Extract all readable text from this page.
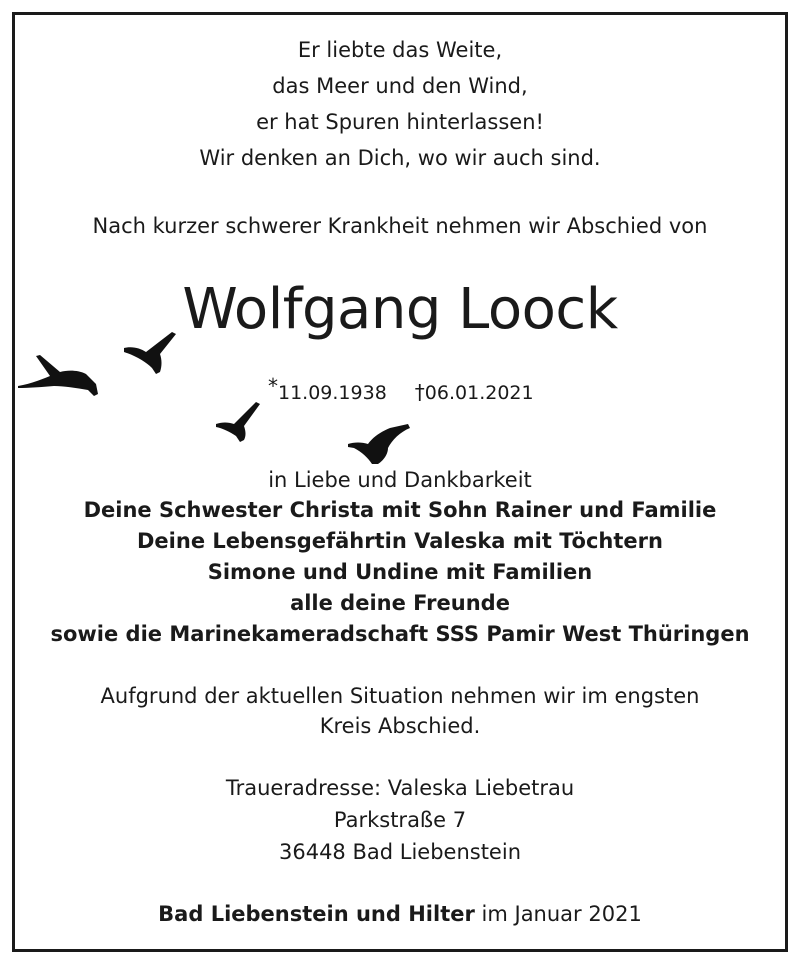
Er liebte das Weite,
das Meer und den Wind,
er hat Spuren hinterlassen!
Wir denken an Dich, wo wir auch sind.
Nach kurzer schwerer Krankheit nehmen wir Abschied von
Wolfgang Loock
*11.09.1938 †06.01.2021
in Liebe und Dankbarkeit
Deine Schwester Christa mit Sohn Rainer und Familie
Deine Lebensgefährtin Valeska mit Töchtern
Simone und Undine mit Familien
alle deine Freunde
sowie die Marinekameradschaft SSS Pamir West Thüringen
Aufgrund der aktuellen Situation nehmen wir im engsten
Kreis Abschied.
Traueradresse: Valeska Liebetrau
Parkstraße 7
36448 Bad Liebenstein
Bad Liebenstein und Hilter im Januar 2021
